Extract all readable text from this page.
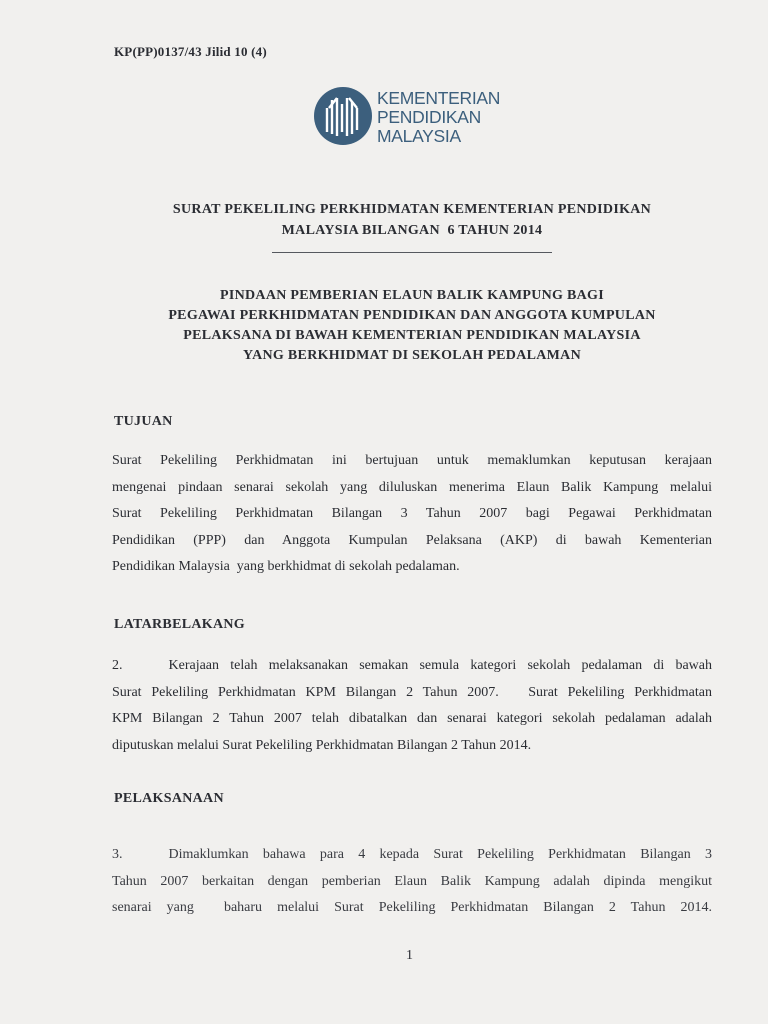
KP(PP)0137/43 Jilid 10 (4)
KEMENTERIAN
PENDIDIKAN
MALAYSIA
SURAT PEKELILING PERKHIDMATAN KEMENTERIAN PENDIDIKAN
MALAYSIA BILANGAN  6 TAHUN 2014
PINDAAN PEMBERIAN ELAUN BALIK KAMPUNG BAGI
PEGAWAI PERKHIDMATAN PENDIDIKAN DAN ANGGOTA KUMPULAN
PELAKSANA DI BAWAH KEMENTERIAN PENDIDIKAN MALAYSIA
YANG BERKHIDMAT DI SEKOLAH PEDALAMAN
TUJUAN
Surat Pekeliling Perkhidmatan ini bertujuan untuk memaklumkan keputusan kerajaan
mengenai pindaan senarai sekolah yang diluluskan menerima Elaun Balik Kampung melalui
Surat Pekeliling Perkhidmatan Bilangan 3 Tahun 2007 bagi Pegawai Perkhidmatan
Pendidikan (PPP) dan Anggota Kumpulan Pelaksana (AKP) di bawah Kementerian
Pendidikan Malaysia  yang berkhidmat di sekolah pedalaman.
LATARBELAKANG
2.	Kerajaan telah melaksanakan semakan semula kategori sekolah pedalaman di bawah
Surat Pekeliling Perkhidmatan KPM Bilangan 2 Tahun 2007.   Surat Pekeliling Perkhidmatan
KPM Bilangan 2 Tahun 2007 telah dibatalkan dan senarai kategori sekolah pedalaman adalah
diputuskan melalui Surat Pekeliling Perkhidmatan Bilangan 2 Tahun 2014.
PELAKSANAAN
3.	Dimaklumkan bahawa para 4 kepada Surat Pekeliling Perkhidmatan Bilangan 3
Tahun 2007 berkaitan dengan pemberian Elaun Balik Kampung adalah dipinda mengikut
senarai yang  baharu melalui Surat Pekeliling Perkhidmatan Bilangan 2 Tahun 2014.
1
